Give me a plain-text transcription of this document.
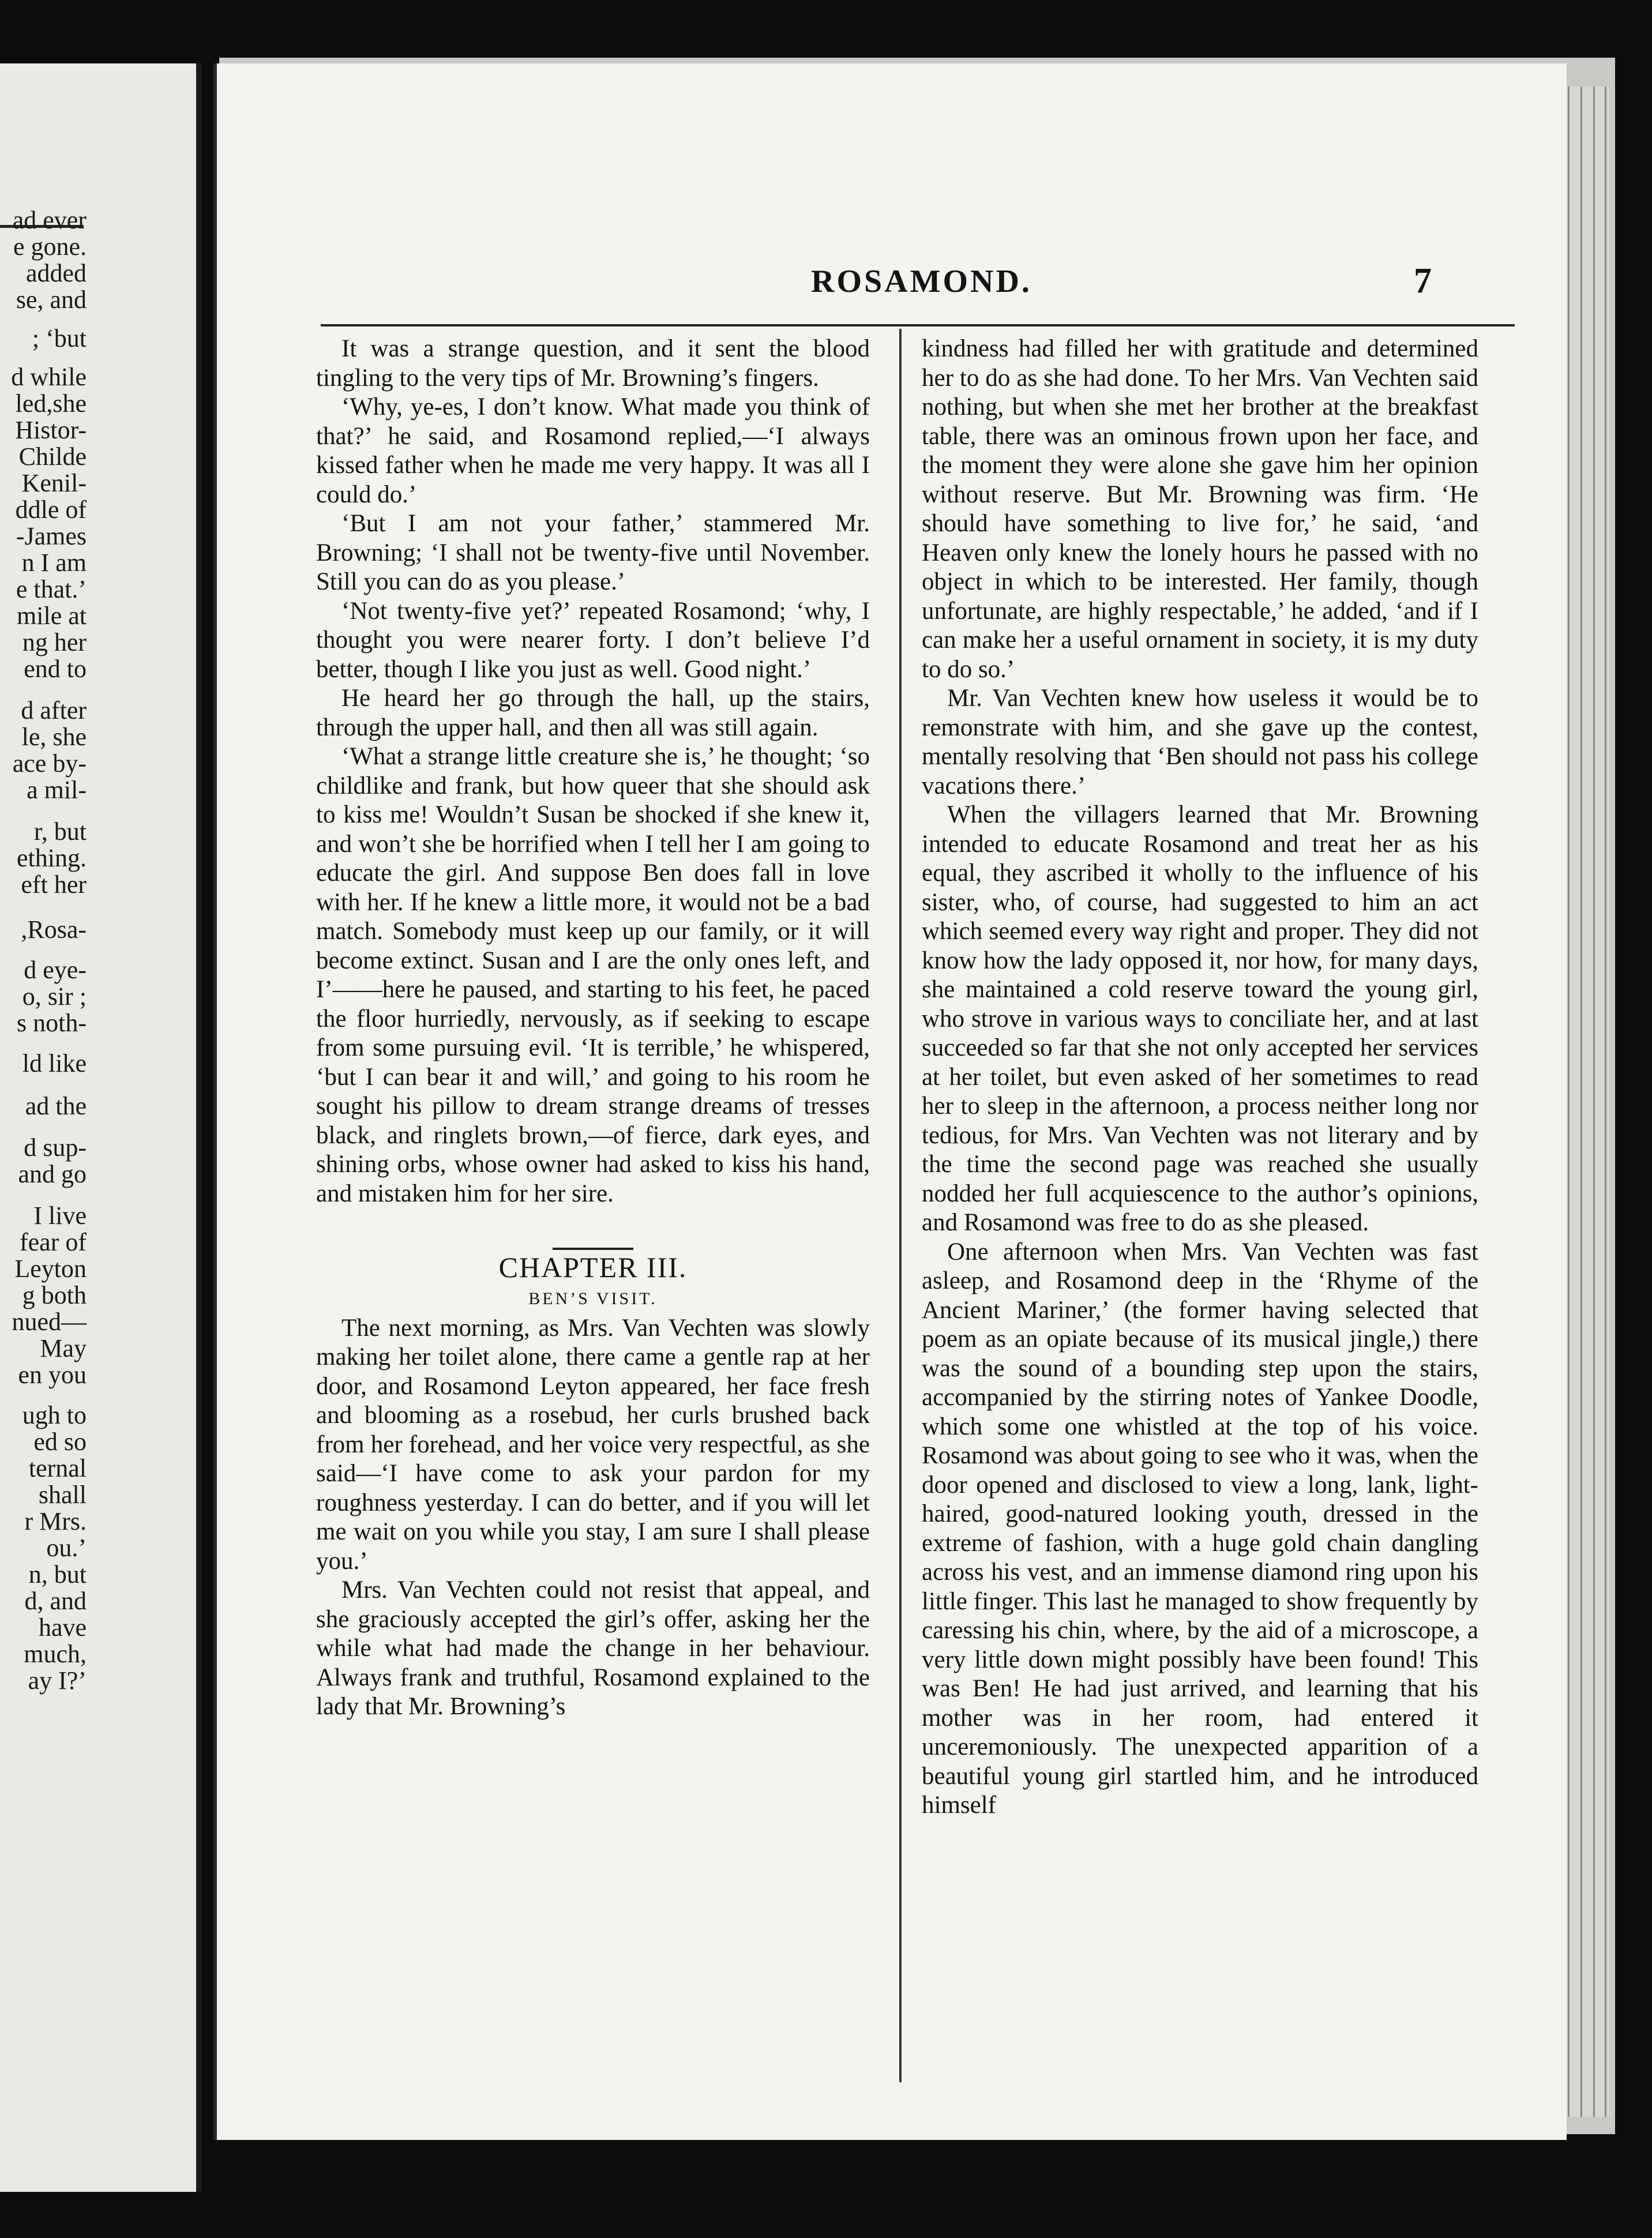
ad ever
e gone.
added
se, and
; ‘but
d while
led,she
Histor-
Childe
Kenil-
ddle of
-James
n I am
e that.’
mile at
ng her
end to
d after
le, she
ace by-
a mil-
r, but
ething.
eft her
,Rosa-
d eye-
o, sir ;
s noth-
ld like
ad the
d sup-
and go
I live
fear of
Leyton
g both
nued—
May
en you
ugh to
ed so
ternal
shall
r Mrs.
ou.’
n, but
d, and
have
much,
ay I?’
ROSAMOND.	7

It was a strange question, and it sent the blood tingling to the very tips of Mr. Browning’s fingers.

‘Why, ye-es, I don’t know. What made you think of that?’ he said, and Rosamond replied,—‘I always kissed father when he made me very happy. It was all I could do.’

‘But I am not your father,’ stammered Mr. Browning; ‘I shall not be twenty-five until November. Still you can do as you please.’

‘Not twenty-five yet?’ repeated Rosamond; ‘why, I thought you were nearer forty. I don’t believe I’d better, though I like you just as well. Good night.’

He heard her go through the hall, up the stairs, through the upper hall, and then all was still again.

‘What a strange little creature she is,’ he thought; ‘so childlike and frank, but how queer that she should ask to kiss me! Wouldn’t Susan be shocked if she knew it, and won’t she be horrified when I tell her I am going to educate the girl. And suppose Ben does fall in love with her. If he knew a little more, it would not be a bad match. Somebody must keep up our family, or it will become extinct. Susan and I are the only ones left, and I’——here he paused, and starting to his feet, he paced the floor hurriedly, nervously, as if seeking to escape from some pursuing evil. ‘It is terrible,’ he whispered, ‘but I can bear it and will,’ and going to his room he sought his pillow to dream strange dreams of tresses black, and ringlets brown,—of fierce, dark eyes, and shining orbs, whose owner had asked to kiss his hand, and mistaken him for her sire.

CHAPTER III.

BEN’S VISIT.

The next morning, as Mrs. Van Vechten was slowly making her toilet alone, there came a gentle rap at her door, and Rosamond Leyton appeared, her face fresh and blooming as a rosebud, her curls brushed back from her forehead, and her voice very respectful, as she said—‘I have come to ask your pardon for my roughness yesterday. I can do better, and if you will let me wait on you while you stay, I am sure I shall please you.’

Mrs. Van Vechten could not resist that appeal, and she graciously accepted the girl’s offer, asking her the while what had made the change in her behaviour. Always frank and truthful, Rosamond explained to the lady that Mr. Browning’s

kindness had filled her with gratitude and determined her to do as she had done. To her Mrs. Van Vechten said nothing, but when she met her brother at the breakfast table, there was an ominous frown upon her face, and the moment they were alone she gave him her opinion without reserve. But Mr. Browning was firm. ‘He should have something to live for,’ he said, ‘and Heaven only knew the lonely hours he passed with no object in which to be interested. Her family, though unfortunate, are highly respectable,’ he added, ‘and if I can make her a useful ornament in society, it is my duty to do so.’

Mr. Van Vechten knew how useless it would be to remonstrate with him, and she gave up the contest, mentally resolving that ‘Ben should not pass his college vacations there.’

When the villagers learned that Mr. Browning intended to educate Rosamond and treat her as his equal, they ascribed it wholly to the influence of his sister, who, of course, had suggested to him an act which seemed every way right and proper. They did not know how the lady opposed it, nor how, for many days, she maintained a cold reserve toward the young girl, who strove in various ways to conciliate her, and at last succeeded so far that she not only accepted her services at her toilet, but even asked of her sometimes to read her to sleep in the afternoon, a process neither long nor tedious, for Mrs. Van Vechten was not literary and by the time the second page was reached she usually nodded her full acquiescence to the author’s opinions, and Rosamond was free to do as she pleased.

One afternoon when Mrs. Van Vechten was fast asleep, and Rosamond deep in the ‘Rhyme of the Ancient Mariner,’ (the former having selected that poem as an opiate because of its musical jingle,) there was the sound of a bounding step upon the stairs, accompanied by the stirring notes of Yankee Doodle, which some one whistled at the top of his voice. Rosamond was about going to see who it was, when the door opened and disclosed to view a long, lank, light-haired, good-natured looking youth, dressed in the extreme of fashion, with a huge gold chain dangling across his vest, and an immense diamond ring upon his little finger. This last he managed to show frequently by caressing his chin, where, by the aid of a microscope, a very little down might possibly have been found! This was Ben! He had just arrived, and learning that his mother was in her room, had entered it unceremoniously. The unexpected apparition of a beautiful young girl startled him, and he introduced himself
